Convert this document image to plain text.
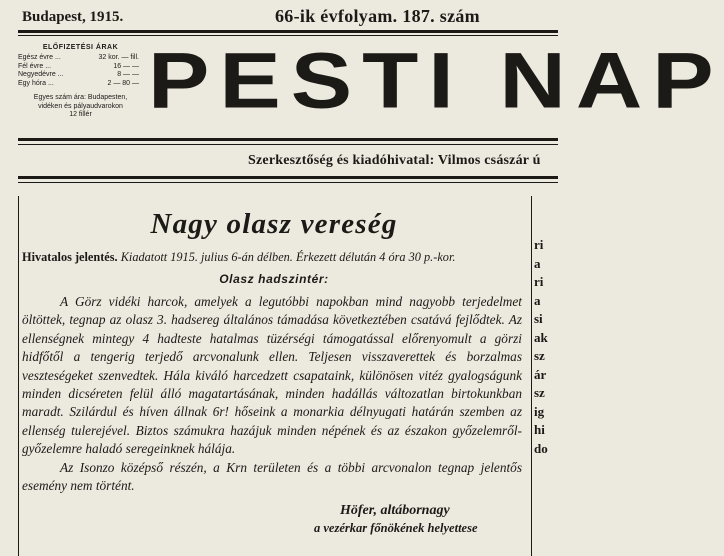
Budapest, 1915.	66-ik évfolyam. 187. szám
ELŐFIZETÉSI ÁRAK
Egész évre ...	32 kor. — fill.
Fél évre ...	16 — —
Negyedévre ...	8 — —
Egy hóra ...	2 — 80 —
Egyes szám ára: Budapesten,
vidéken és pályaudvarokon
12 fillér PESTI NAP
Szerkesztőség és kiadóhivatal: Vilmos császár ú
Nagy olasz vereség
Hivatalos jelentés. Kiadatott 1915. julius 6-án délben. Érkezett délután 4 óra 30 p.-kor.
Olasz hadszintér:

A Görz vidéki harcok, amelyek a legutóbbi napokban mind nagyobb terjedelmet öltöttek, tegnap az olasz 3. hadsereg általános támadása következtében csatává fejlődtek. Az ellenségnek mintegy 4 hadteste hatalmas tüzérségi támogatással előrenyomult a görzi hidfőtől a tengerig terjedő arcvonalunk ellen. Teljesen visszaverettek és borzalmas veszteségeket szenvedtek. Hála kiváló harcedzett csapataink, különösen vitéz gyalogságunk minden dicséreten felül álló magatartásának, minden hadállás változatlan birtokunkban maradt. Szilárdul és híven állnak 6r! hőseink a monarkia délnyugati határán szemben az ellenség tulerejével. Biztos számukra hazájuk minden népének és az északon győzelemről-győzelemre haladó seregeinknek hálája.

Az Isonzo középső részén, a Krn területen és a többi arcvonalon tegnap jelentős esemény nem történt.

Höfer, altábornagy
a vezérkar főnökének helyettese
ri
a
ri
a
si
ak
sz
ár
sz
ig
hi
do
